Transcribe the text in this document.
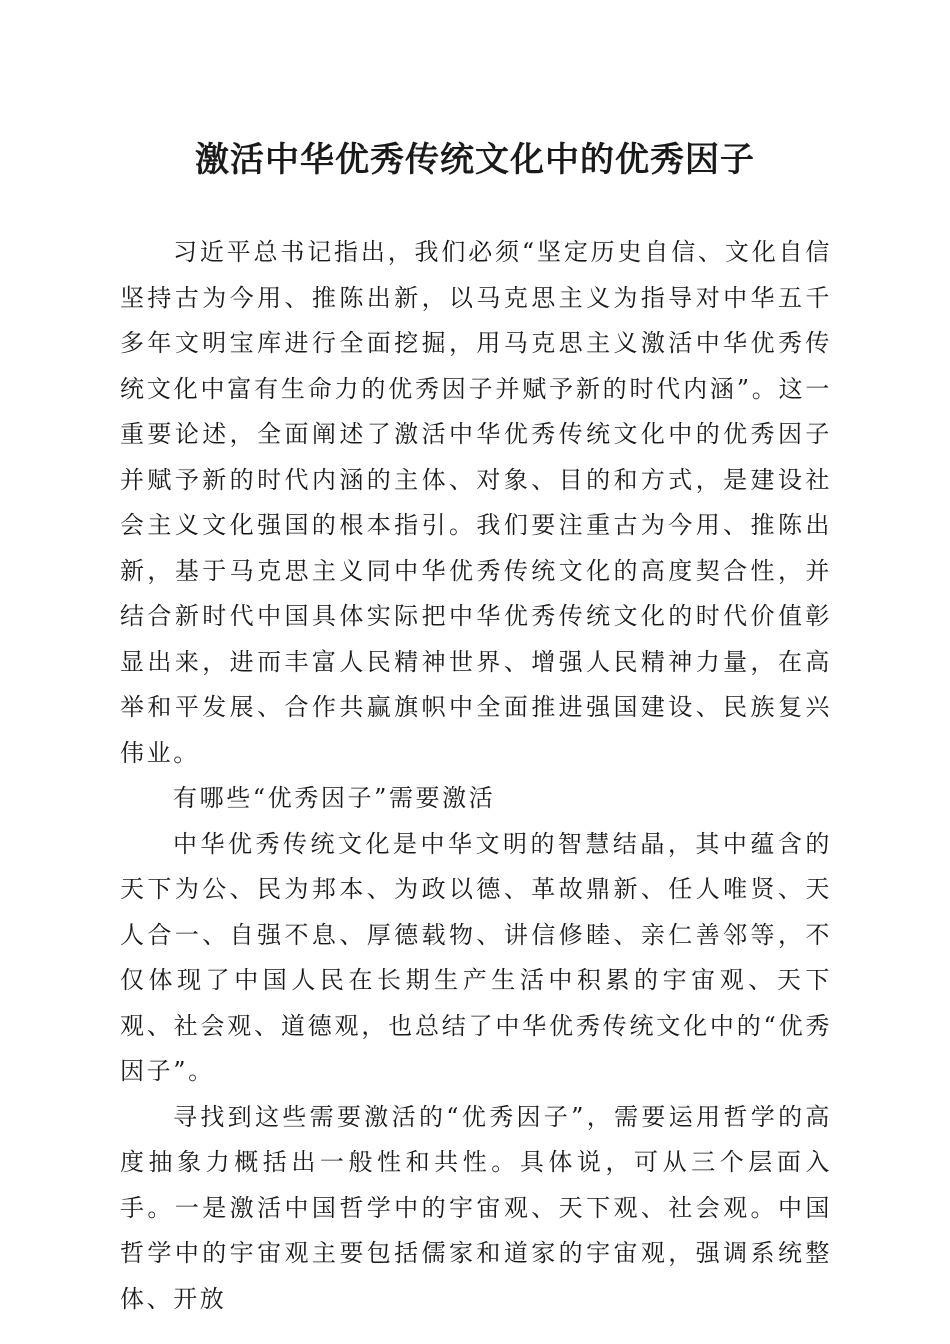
激活中华优秀传统文化中的优秀因子

习近平总书记指出，我们必须“坚定历史自信、文化自信坚持古为今用、推陈出新，以马克思主义为指导对中华五千多年文明宝库进行全面挖掘，用马克思主义激活中华优秀传统文化中富有生命力的优秀因子并赋予新的时代内涵”。这一重要论述，全面阐述了激活中华优秀传统文化中的优秀因子并赋予新的时代内涵的主体、对象、目的和方式，是建设社会主义文化强国的根本指引。我们要注重古为今用、推陈出新，基于马克思主义同中华优秀传统文化的高度契合性，并结合新时代中国具体实际把中华优秀传统文化的时代价值彰显出来，进而丰富人民精神世界、增强人民精神力量，在高举和平发展、合作共赢旗帜中全面推进强国建设、民族复兴伟业。

有哪些“优秀因子”需要激活

中华优秀传统文化是中华文明的智慧结晶，其中蕴含的天下为公、民为邦本、为政以德、革故鼎新、任人唯贤、天人合一、自强不息、厚德载物、讲信修睦、亲仁善邻等，不仅体现了中国人民在长期生产生活中积累的宇宙观、天下观、社会观、道德观，也总结了中华优秀传统文化中的“优秀因子”。

寻找到这些需要激活的“优秀因子”，需要运用哲学的高度抽象力概括出一般性和共性。具体说，可从三个层面入手。一是激活中国哲学中的宇宙观、天下观、社会观。中国哲学中的宇宙观主要包括儒家和道家的宇宙观，强调系统整体、开放
